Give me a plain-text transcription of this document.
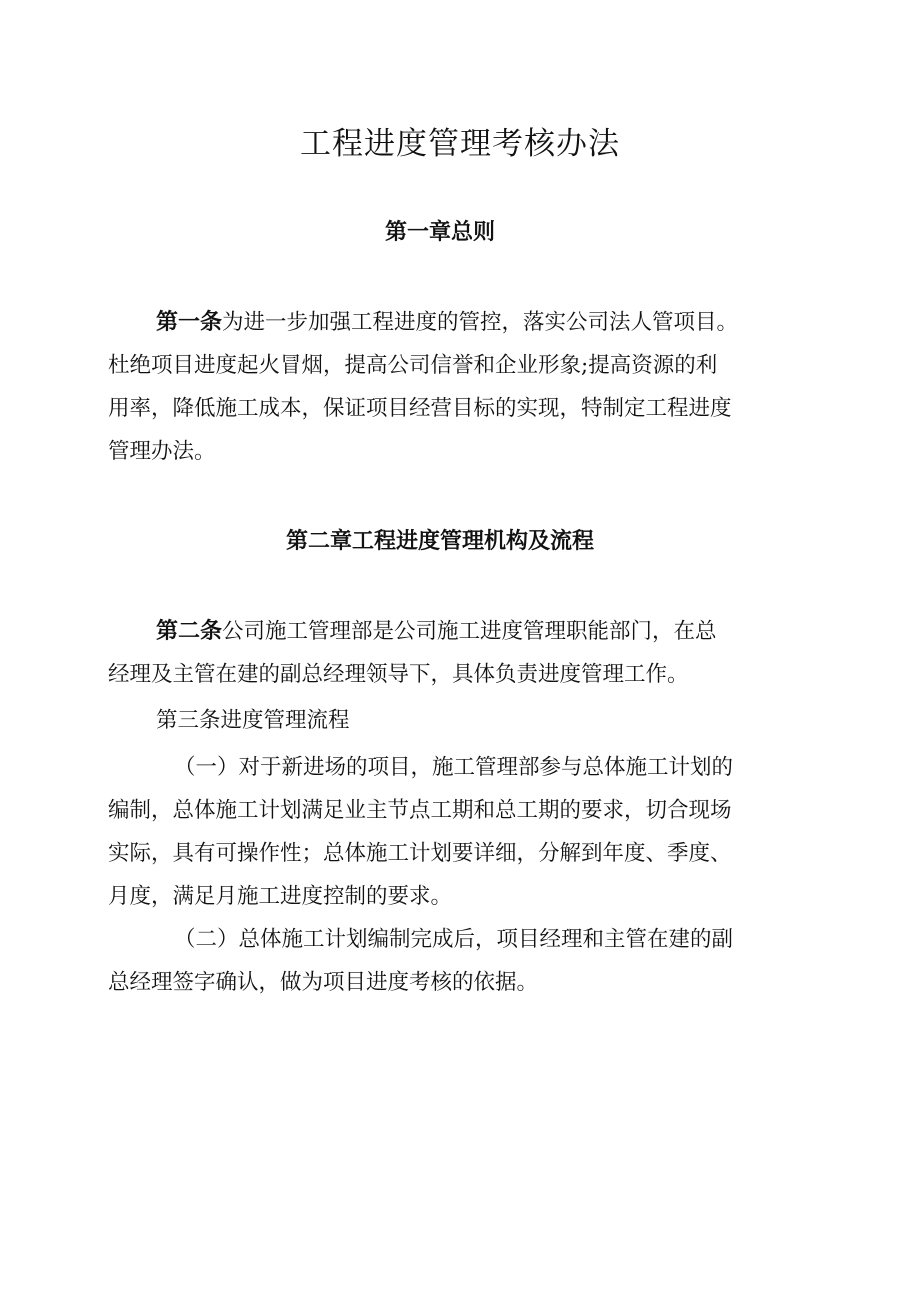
工程进度管理考核办法
第一章总则

第一条为进一步加强工程进度的管控，落实公司法人管项目。
杜绝项目进度起火冒烟，提高公司信誉和企业形象;提高资源的利
用率，降低施工成本，保证项目经营目标的实现，特制定工程进度
管理办法。

第二章工程进度管理机构及流程

第二条公司施工管理部是公司施工进度管理职能部门，在总
经理及主管在建的副总经理领导下，具体负责进度管理工作。

第三条进度管理流程

（一）对于新进场的项目，施工管理部参与总体施工计划的
编制，总体施工计划满足业主节点工期和总工期的要求，切合现场
实际，具有可操作性；总体施工计划要详细，分解到年度、季度、
月度，满足月施工进度控制的要求。

（二）总体施工计划编制完成后，项目经理和主管在建的副
总经理签字确认，做为项目进度考核的依据。
